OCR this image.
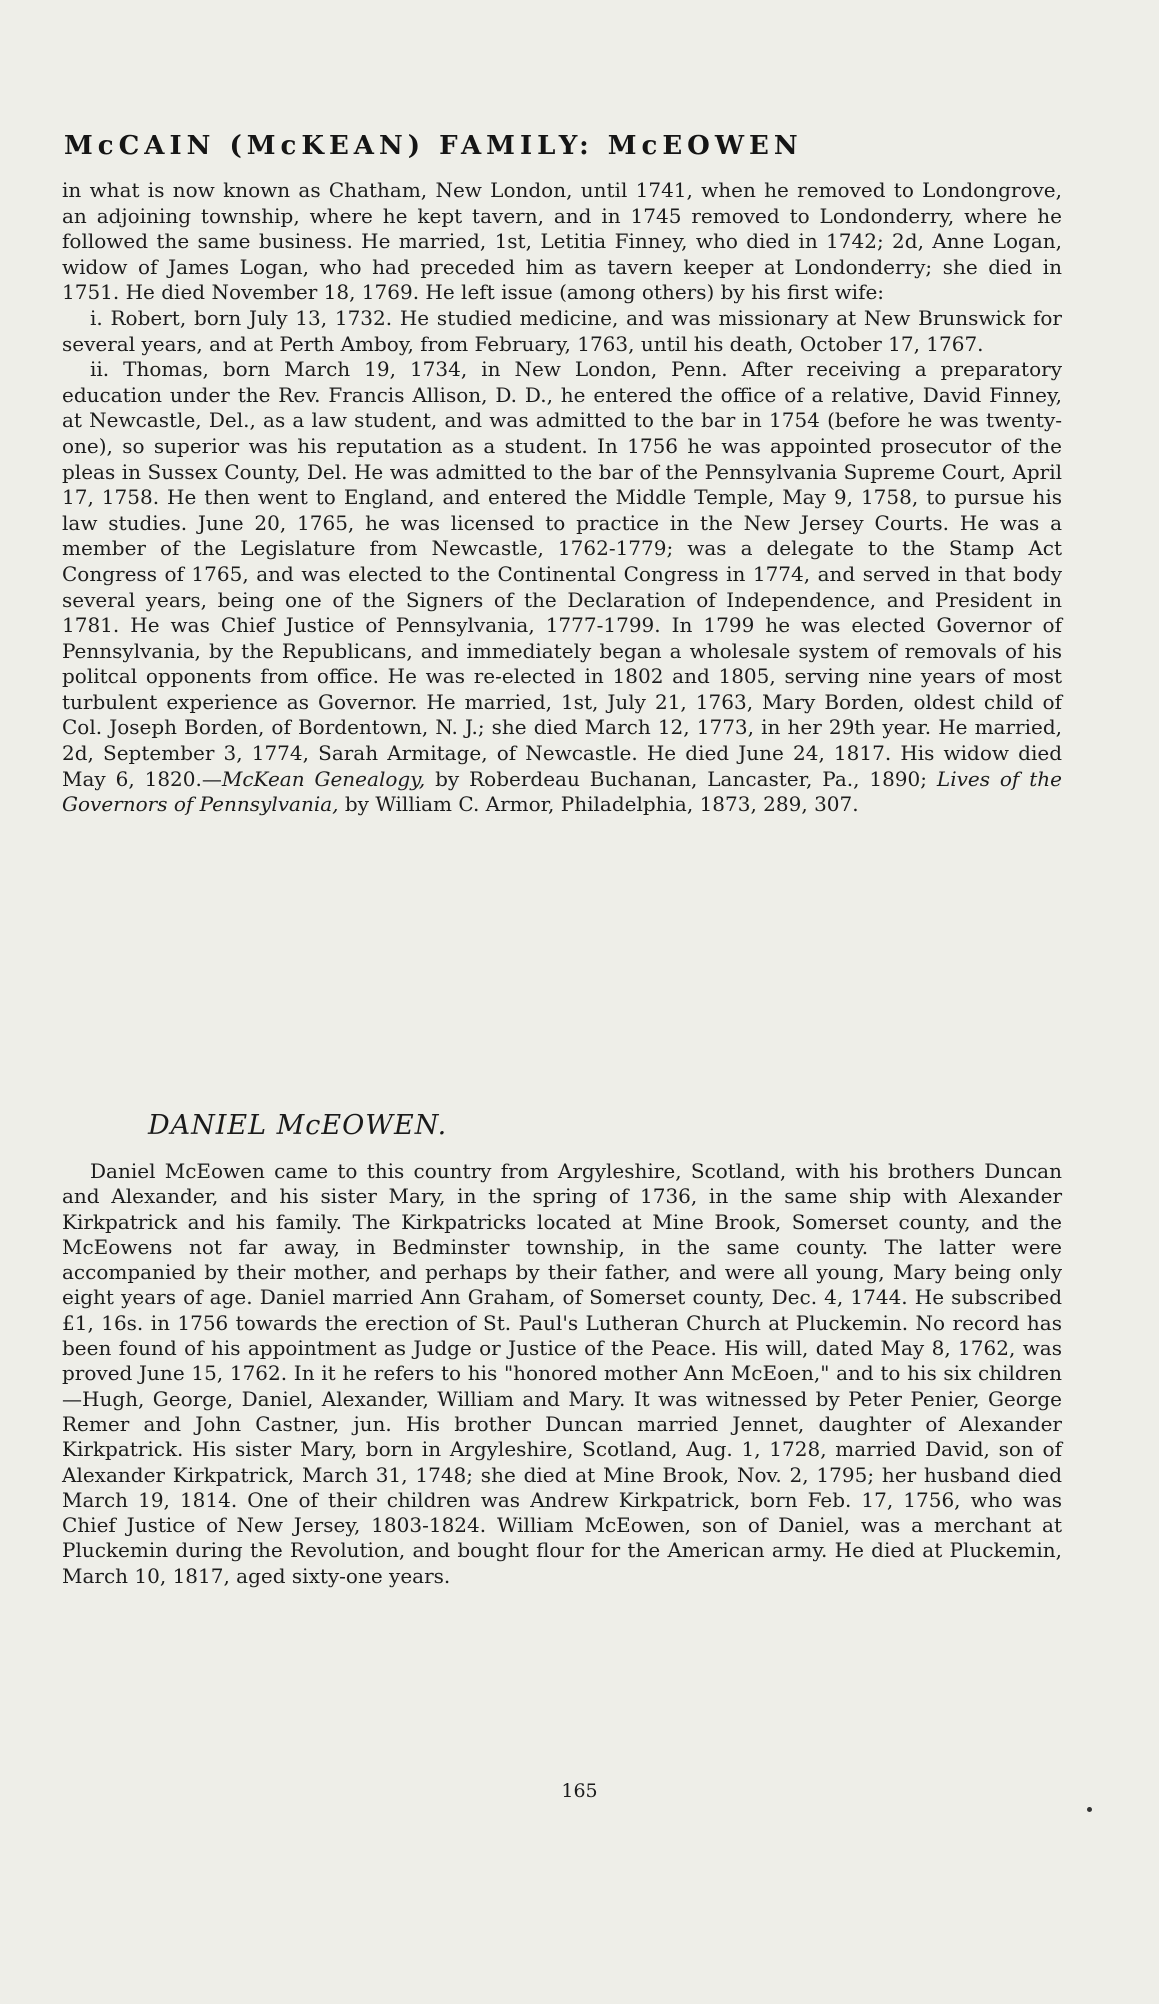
McCAIN (McKEAN) FAMILY: McEOWEN

in what is now known as Chatham, New London, until 1741, when he removed to Londongrove, an adjoining township, where he kept tavern, and in 1745 removed to Londonderry, where he followed the same business. He married, 1st, Letitia Finney, who died in 1742; 2d, Anne Logan, widow of James Logan, who had preceded him as tavern keeper at Londonderry; she died in 1751. He died November 18, 1769. He left issue (among others) by his first wife:

i. Robert, born July 13, 1732. He studied medicine, and was missionary at New Brunswick for several years, and at Perth Amboy, from February, 1763, until his death, October 17, 1767.

ii. Thomas, born March 19, 1734, in New London, Penn. After receiving a preparatory education under the Rev. Francis Allison, D. D., he entered the office of a relative, David Finney, at Newcastle, Del., as a law student, and was admitted to the bar in 1754 (before he was twenty-one), so superior was his reputation as a student. In 1756 he was appointed prosecutor of the pleas in Sussex County, Del. He was admitted to the bar of the Pennsylvania Supreme Court, April 17, 1758. He then went to England, and entered the Middle Temple, May 9, 1758, to pursue his law studies. June 20, 1765, he was licensed to practice in the New Jersey Courts. He was a member of the Legislature from Newcastle, 1762-1779; was a delegate to the Stamp Act Congress of 1765, and was elected to the Continental Congress in 1774, and served in that body several years, being one of the Signers of the Declaration of Independence, and President in 1781. He was Chief Justice of Pennsylvania, 1777-1799. In 1799 he was elected Governor of Pennsylvania, by the Republicans, and immediately began a wholesale system of removals of his politcal opponents from office. He was re-elected in 1802 and 1805, serving nine years of most turbulent experience as Governor. He married, 1st, July 21, 1763, Mary Borden, oldest child of Col. Joseph Borden, of Bordentown, N. J.; she died March 12, 1773, in her 29th year. He married, 2d, September 3, 1774, Sarah Armitage, of Newcastle. He died June 24, 1817. His widow died May 6, 1820.—McKean Genealogy, by Roberdeau Buchanan, Lancaster, Pa., 1890; Lives of the Governors of Pennsylvania, by William C. Armor, Philadelphia, 1873, 289, 307.

DANIEL McEOWEN.

Daniel McEowen came to this country from Argyleshire, Scotland, with his brothers Duncan and Alexander, and his sister Mary, in the spring of 1736, in the same ship with Alexander Kirkpatrick and his family. The Kirkpatricks located at Mine Brook, Somerset county, and the McEowens not far away, in Bedminster township, in the same county. The latter were accompanied by their mother, and perhaps by their father, and were all young, Mary being only eight years of age. Daniel married Ann Graham, of Somerset county, Dec. 4, 1744. He subscribed £1, 16s. in 1756 towards the erection of St. Paul's Lutheran Church at Pluckemin. No record has been found of his appointment as Judge or Justice of the Peace. His will, dated May 8, 1762, was proved June 15, 1762. In it he refers to his "honored mother Ann McEoen," and to his six children—Hugh, George, Daniel, Alexander, William and Mary. It was witnessed by Peter Penier, George Remer and John Castner, jun. His brother Duncan married Jennet, daughter of Alexander Kirkpatrick. His sister Mary, born in Argyleshire, Scotland, Aug. 1, 1728, married David, son of Alexander Kirkpatrick, March 31, 1748; she died at Mine Brook, Nov. 2, 1795; her husband died March 19, 1814. One of their children was Andrew Kirkpatrick, born Feb. 17, 1756, who was Chief Justice of New Jersey, 1803-1824. William McEowen, son of Daniel, was a merchant at Pluckemin during the Revolution, and bought flour for the American army. He died at Pluckemin, March 10, 1817, aged sixty-one years.

165
